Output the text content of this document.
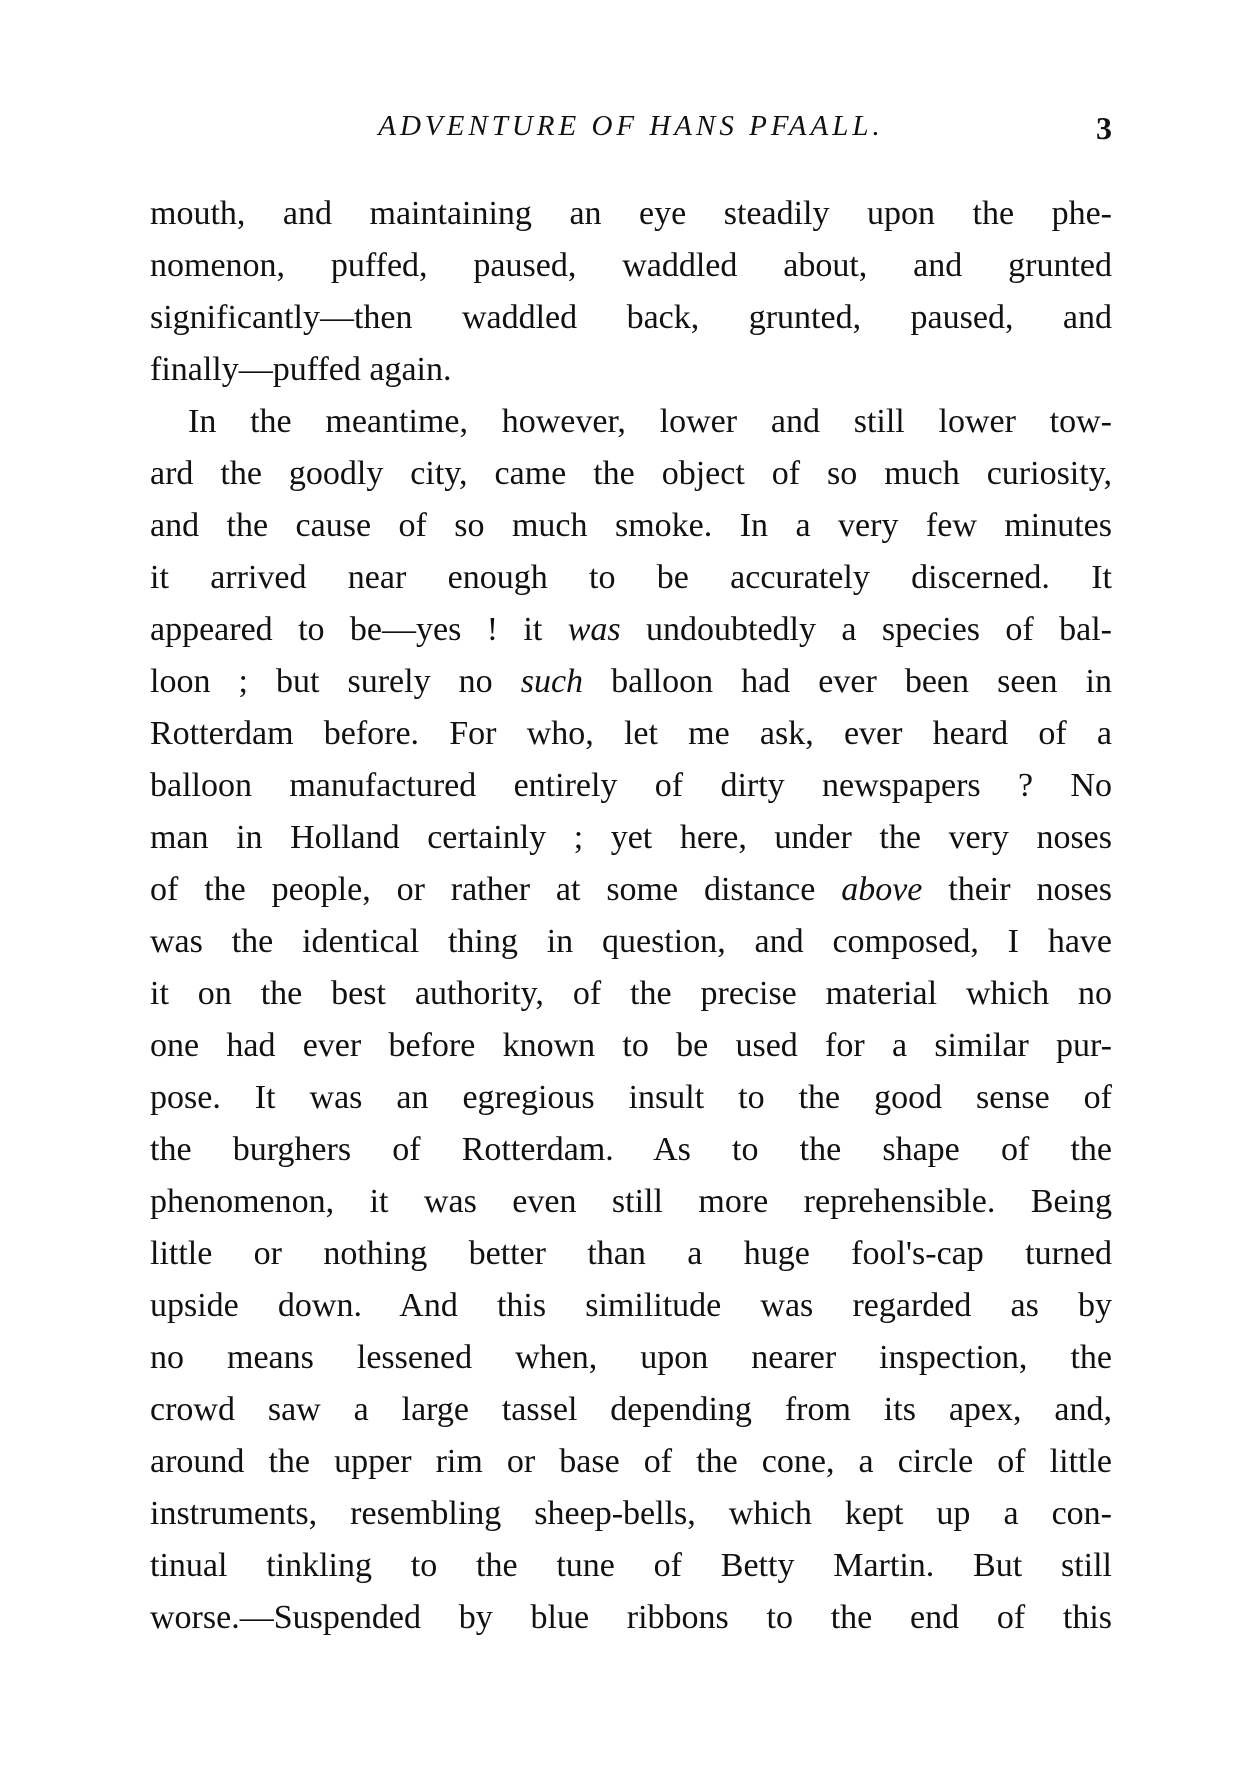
ADVENTURE OF HANS PFAALL.	3
mouth, and maintaining an eye steadily upon the phe-
nomenon, puffed, paused, waddled about, and grunted
significantly—then waddled back, grunted, paused, and
finally—puffed again.
In the meantime, however, lower and still lower tow-
ard the goodly city, came the object of so much curiosity,
and the cause of so much smoke. In a very few minutes
it arrived near enough to be accurately discerned. It
appeared to be—yes ! it was undoubtedly a species of bal-
loon ; but surely no such balloon had ever been seen in
Rotterdam before. For who, let me ask, ever heard of a
balloon manufactured entirely of dirty newspapers ? No
man in Holland certainly ; yet here, under the very noses
of the people, or rather at some distance above their noses
was the identical thing in question, and composed, I have
it on the best authority, of the precise material which no
one had ever before known to be used for a similar pur-
pose. It was an egregious insult to the good sense of
the burghers of Rotterdam. As to the shape of the
phenomenon, it was even still more reprehensible. Being
little or nothing better than a huge fool's-cap turned
upside down. And this similitude was regarded as by
no means lessened when, upon nearer inspection, the
crowd saw a large tassel depending from its apex, and,
around the upper rim or base of the cone, a circle of little
instruments, resembling sheep-bells, which kept up a con-
tinual tinkling to the tune of Betty Martin. But still
worse.—Suspended by blue ribbons to the end of this
